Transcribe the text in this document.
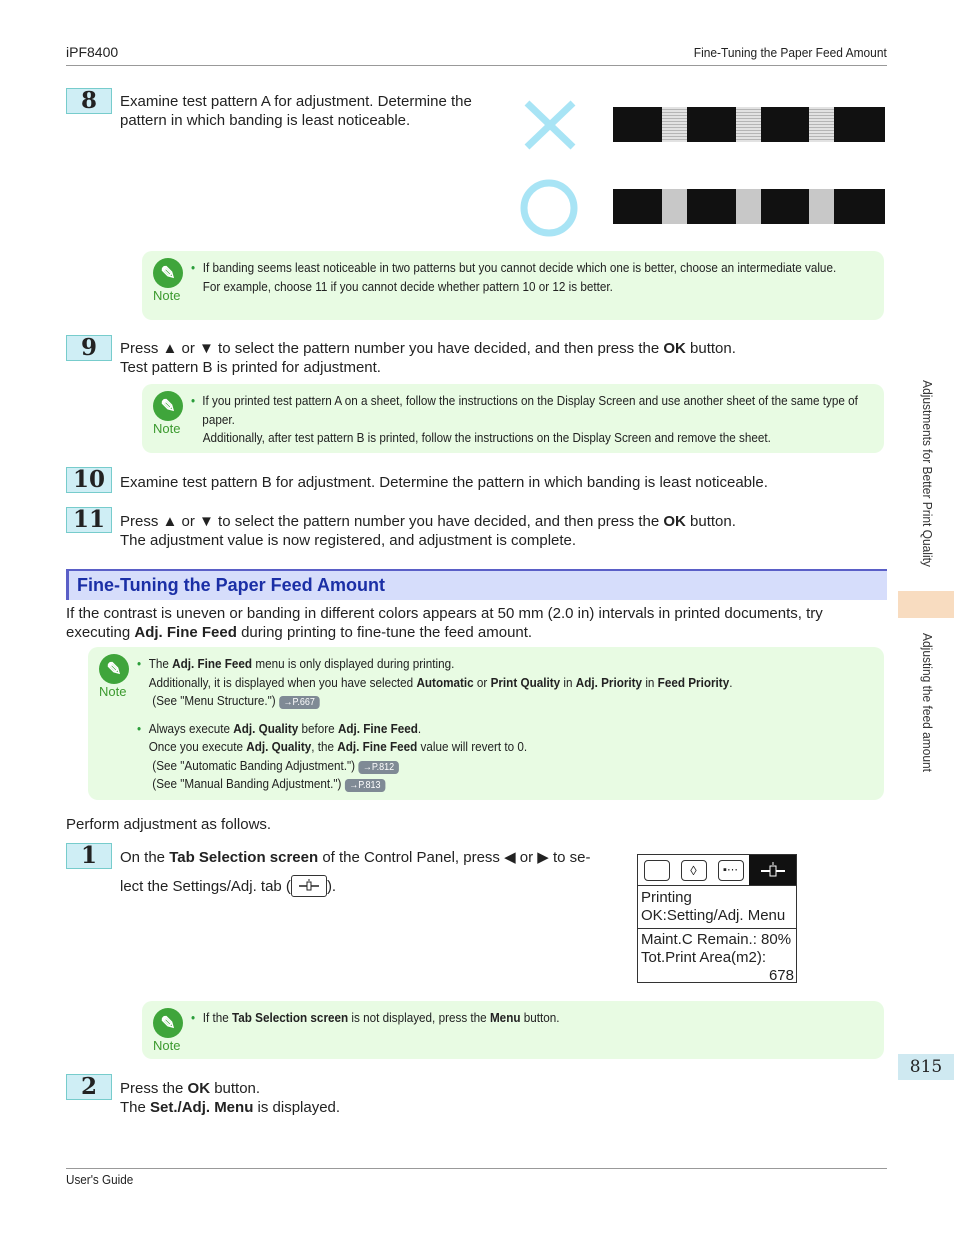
iPF8400	Fine-Tuning the Paper Feed Amount
Adjustments for Better Print Quality
Adjusting the feed amount
815
8	Examine test pattern A for adjustment. Determine the pattern in which banding is least noticeable.
✎
Note
• If banding seems least noticeable in two patterns but you cannot decide which one is better, choose an intermediate value.
For example, choose 11 if you cannot decide whether pattern 10 or 12 is better.
9	Press ▲ or ▼ to select the pattern number you have decided, and then press the OK button.
Test pattern B is printed for adjustment.
✎
Note
• If you printed test pattern A on a sheet, follow the instructions on the Display Screen and use another sheet of the same type of paper.
Additionally, after test pattern B is printed, follow the instructions on the Display Screen and remove the sheet.
10	Examine test pattern B for adjustment. Determine the pattern in which banding is least noticeable.
11	Press ▲ or ▼ to select the pattern number you have decided, and then press the OK button.
The adjustment value is now registered, and adjustment is complete.
Fine-Tuning the Paper Feed Amount
If the contrast is uneven or banding in different colors appears at 50 mm (2.0 in) intervals in printed documents, try executing Adj. Fine Feed during printing to fine-tune the feed amount.
✎
Note
• The Adj. Fine Feed menu is only displayed during printing.
Additionally, it is displayed when you have selected Automatic or Print Quality in Adj. Priority in Feed Priority.
(See "Menu Structure.") →P.667
• Always execute Adj. Quality before Adj. Fine Feed.
Once you execute Adj. Quality, the Adj. Fine Feed value will revert to 0.
(See "Automatic Banding Adjustment.") →P.812
(See "Manual Banding Adjustment.") →P.813
Perform adjustment as follows.
1	On the Tab Selection screen of the Control Panel, press ◀ or ▶ to se-
lect the Settings/Adj. tab ( ).
◊	▪⋯
Printing
OK:Setting/Adj. Menu
Maint.C Remain.: 80%
Tot.Print Area(m2):
678
✎
Note
• If the Tab Selection screen is not displayed, press the Menu button.
2	Press the OK button.
The Set./Adj. Menu is displayed.
User's Guide
